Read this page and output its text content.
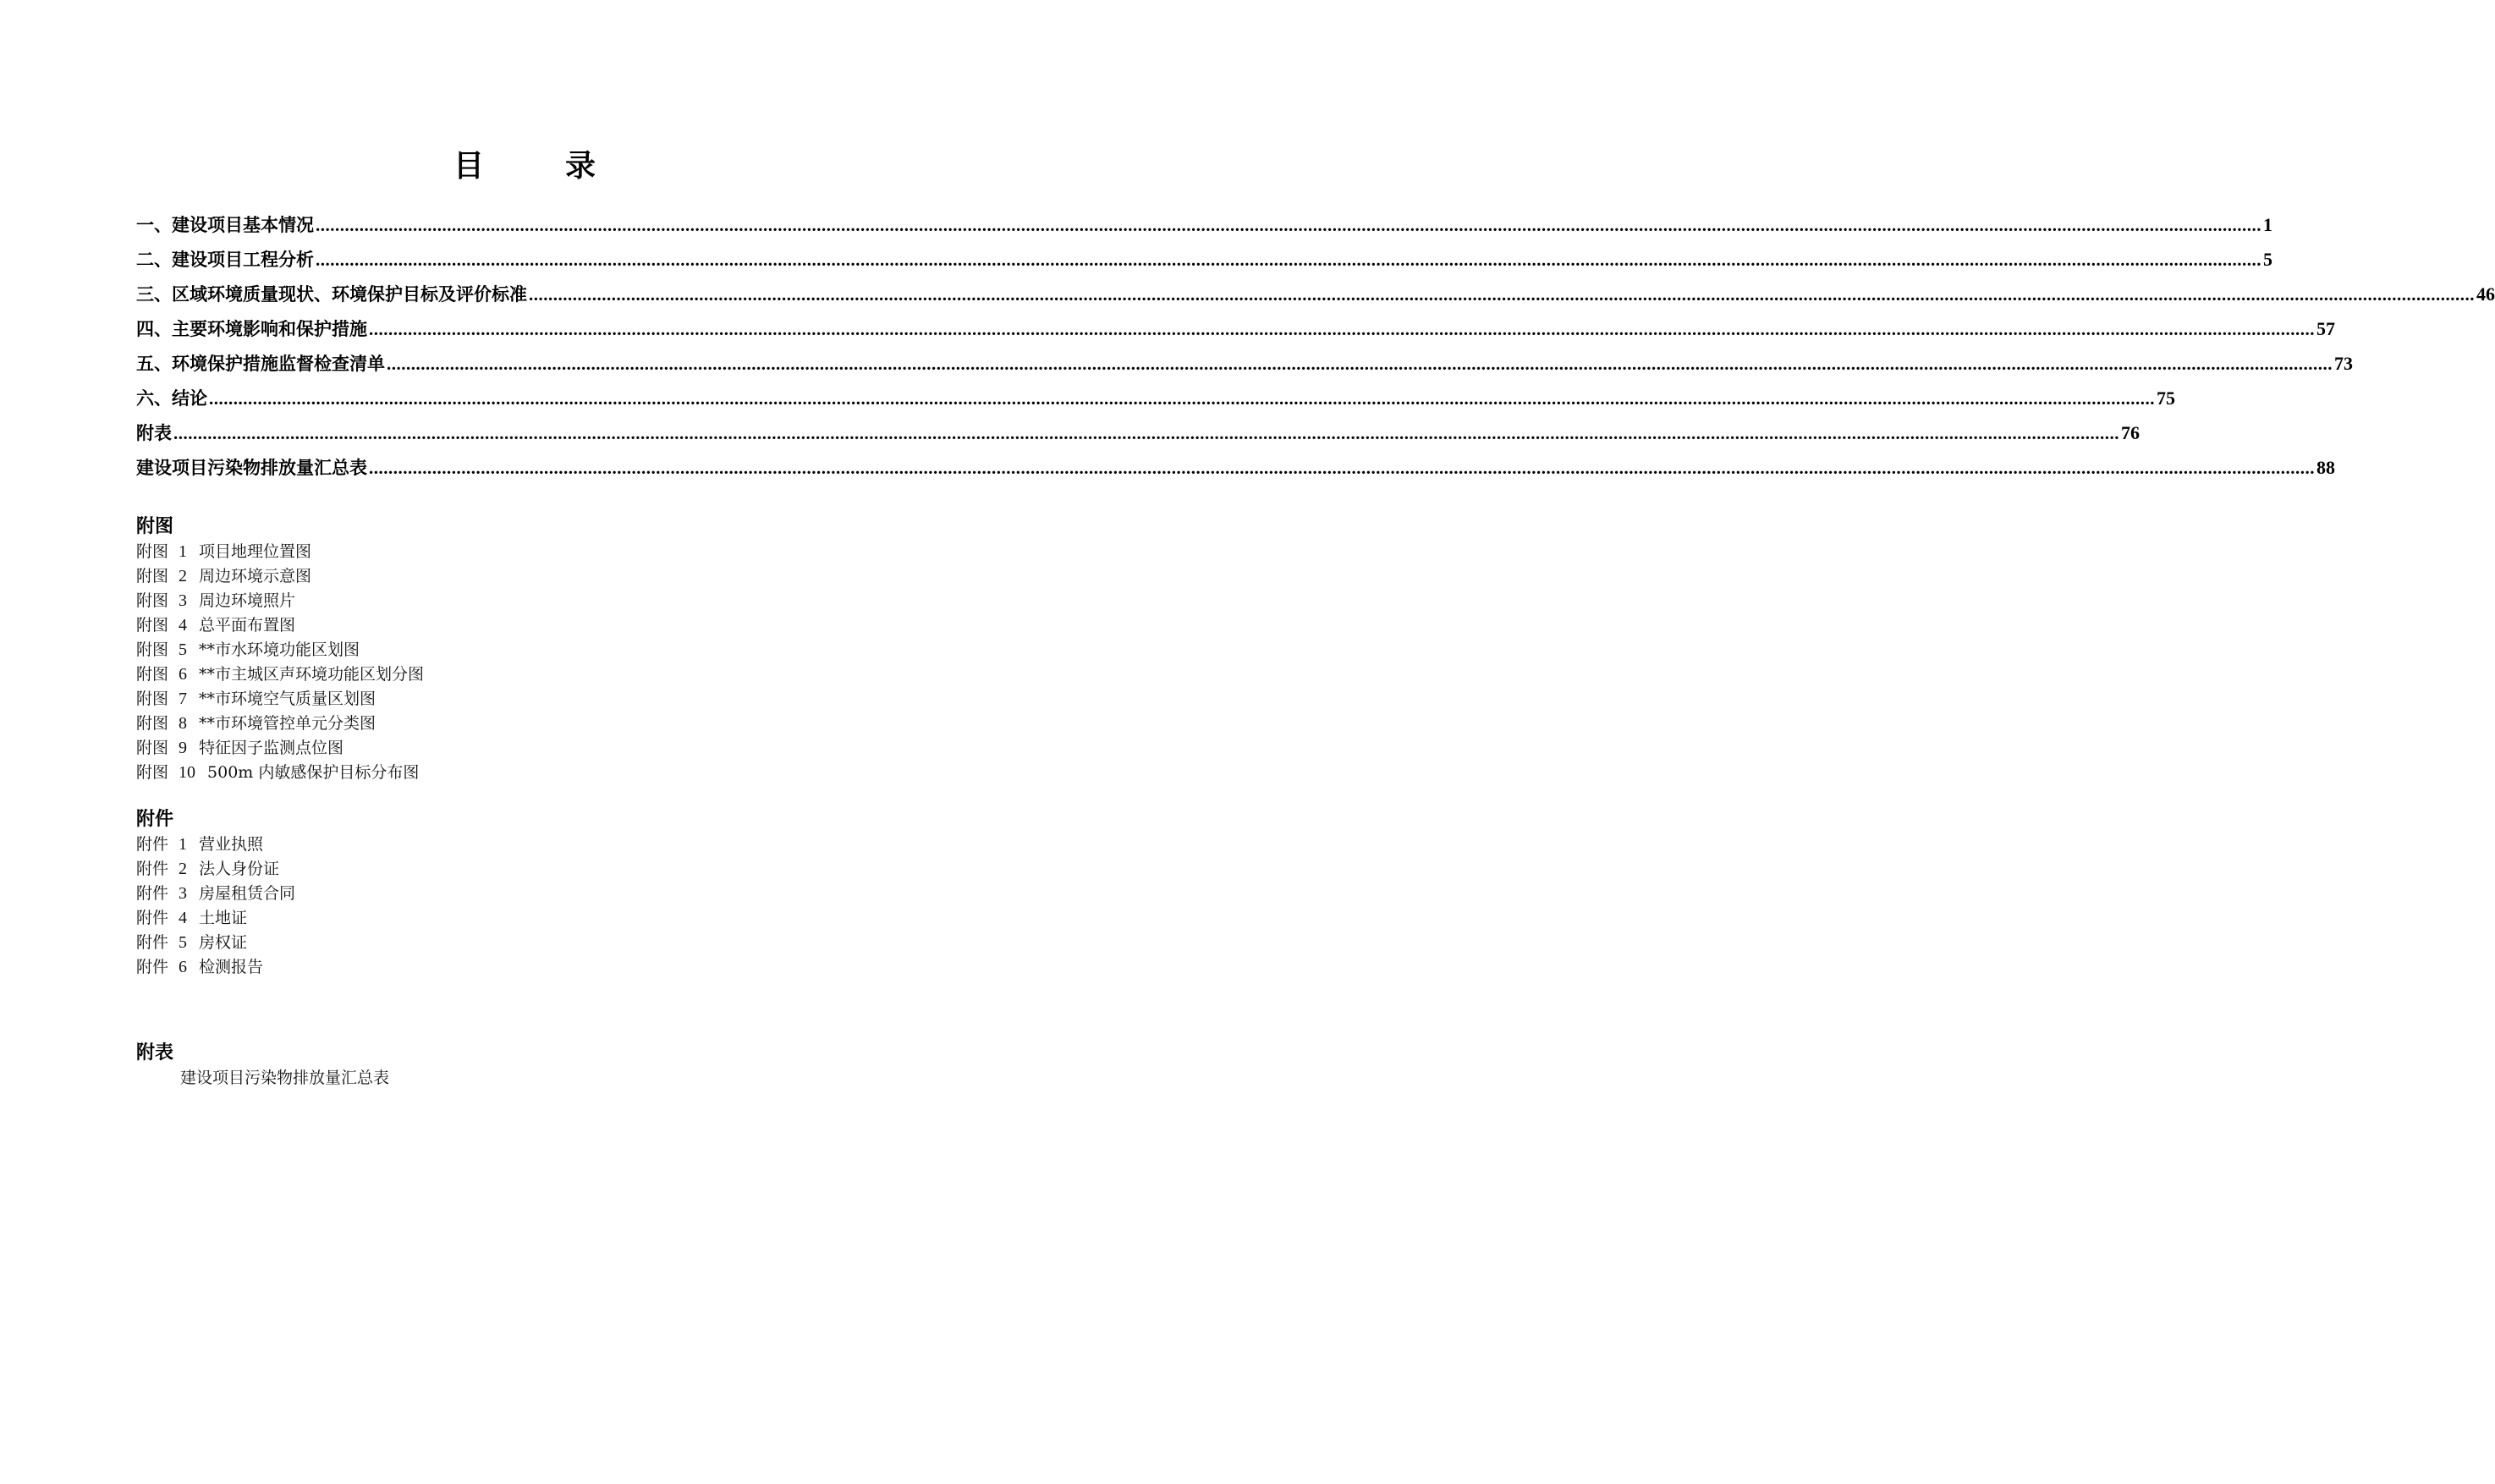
目　录
一、建设项目基本情况 ................................................................................................................................................................................................................................................................................................................................................................................................................ 1
二、建设项目工程分析 ................................................................................................................................................................................................................................................................................................................................................................................................................ 5
三、区域环境质量现状、环境保护目标及评价标准 ................................................................................................................................................................................................................................................................................................................................................................................................................ 46
四、主要环境影响和保护措施 ................................................................................................................................................................................................................................................................................................................................................................................................................ 57
五、环境保护措施监督检查清单 ................................................................................................................................................................................................................................................................................................................................................................................................................ 73
六、结论 ................................................................................................................................................................................................................................................................................................................................................................................................................ 75
附表 ................................................................................................................................................................................................................................................................................................................................................................................................................ 76
建设项目污染物排放量汇总表 ................................................................................................................................................................................................................................................................................................................................................................................................................ 88
附图
附图 1 项目地理位置图
附图 2 周边环境示意图
附图 3 周边环境照片
附图 4 总平面布置图
附图 5 **市水环境功能区划图
附图 6 **市主城区声环境功能区划分图
附图 7 **市环境空气质量区划图
附图 8 **市环境管控单元分类图
附图 9 特征因子监测点位图
附图 10 500m 内敏感保护目标分布图
附件
附件 1 营业执照
附件 2 法人身份证
附件 3 房屋租赁合同
附件 4 土地证
附件 5 房权证
附件 6 检测报告
附表
建设项目污染物排放量汇总表
